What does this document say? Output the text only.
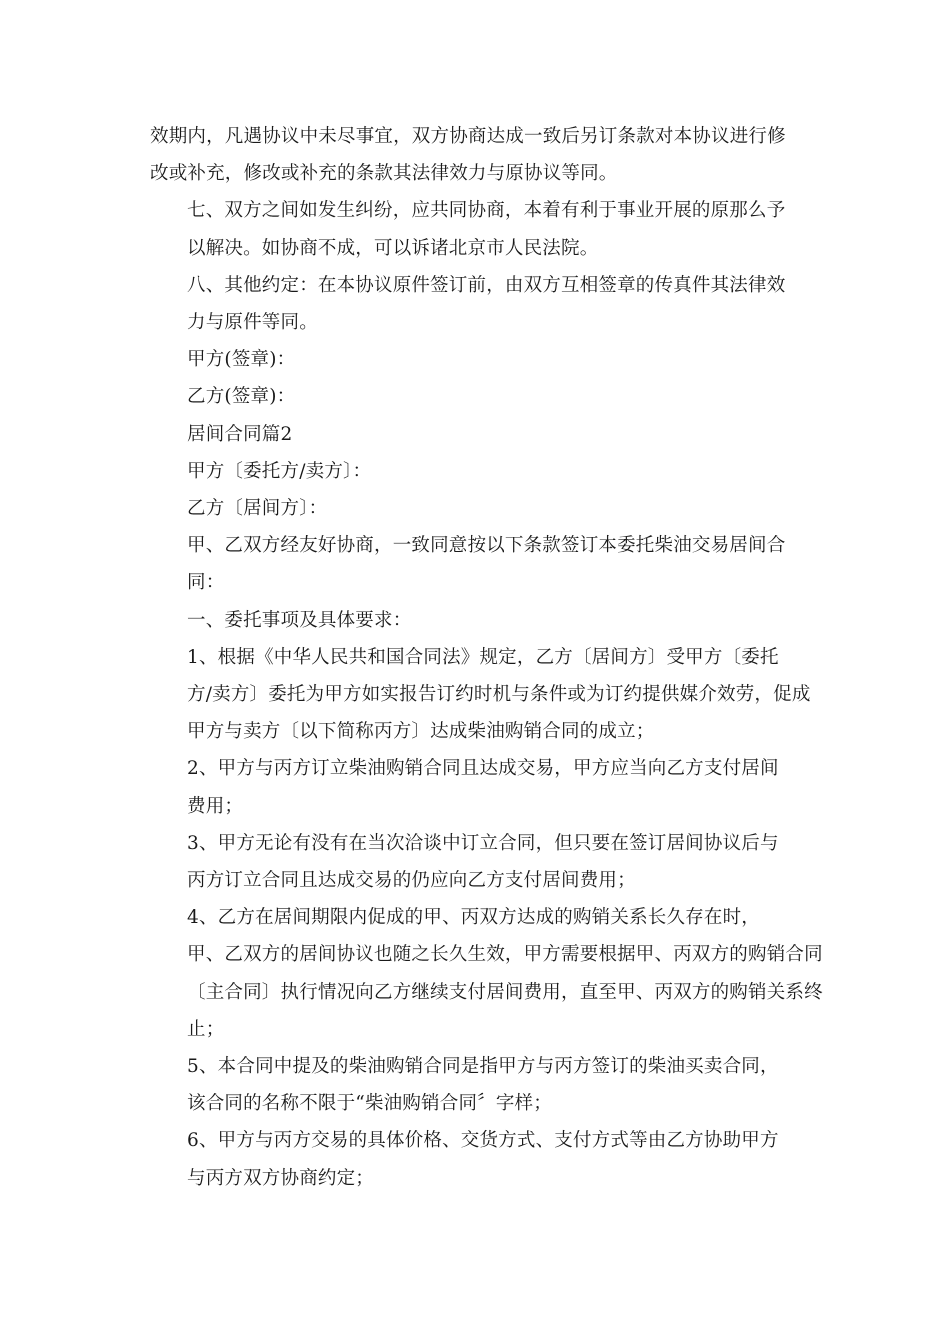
效期内，凡遇协议中未尽事宜，双方协商达成一致后另订条款对本协议进行修
改或补充，修改或补充的条款其法律效力与原协议等同。

七、双方之间如发生纠纷，应共同协商，本着有利于事业开展的原那么予
以解决。如协商不成，可以诉诸北京市人民法院。

八、其他约定：在本协议原件签订前，由双方互相签章的传真件其法律效
力与原件等同。

甲方(签章)：

乙方(签章)：

居间合同篇2

甲方〔委托方/卖方〕：

乙方〔居间方〕：

甲、乙双方经友好协商，一致同意按以下条款签订本委托柴油交易居间合
同：

一、委托事项及具体要求：

1、根据《中华人民共和国合同法》规定，乙方〔居间方〕受甲方〔委托
方/卖方〕委托为甲方如实报告订约时机与条件或为订约提供媒介效劳，促成
甲方与卖方〔以下简称丙方〕达成柴油购销合同的成立；

2、甲方与丙方订立柴油购销合同且达成交易，甲方应当向乙方支付居间
费用；

3、甲方无论有没有在当次洽谈中订立合同，但只要在签订居间协议后与
丙方订立合同且达成交易的仍应向乙方支付居间费用；

4、乙方在居间期限内促成的甲、丙双方达成的购销关系长久存在时，
甲、乙双方的居间协议也随之长久生效，甲方需要根据甲、丙双方的购销合同
〔主合同〕执行情况向乙方继续支付居间费用，直至甲、丙双方的购销关系终
止；

5、本合同中提及的柴油购销合同是指甲方与丙方签订的柴油买卖合同，
该合同的名称不限于“柴油购销合同〞字样；

6、甲方与丙方交易的具体价格、交货方式、支付方式等由乙方协助甲方
与丙方双方协商约定；
